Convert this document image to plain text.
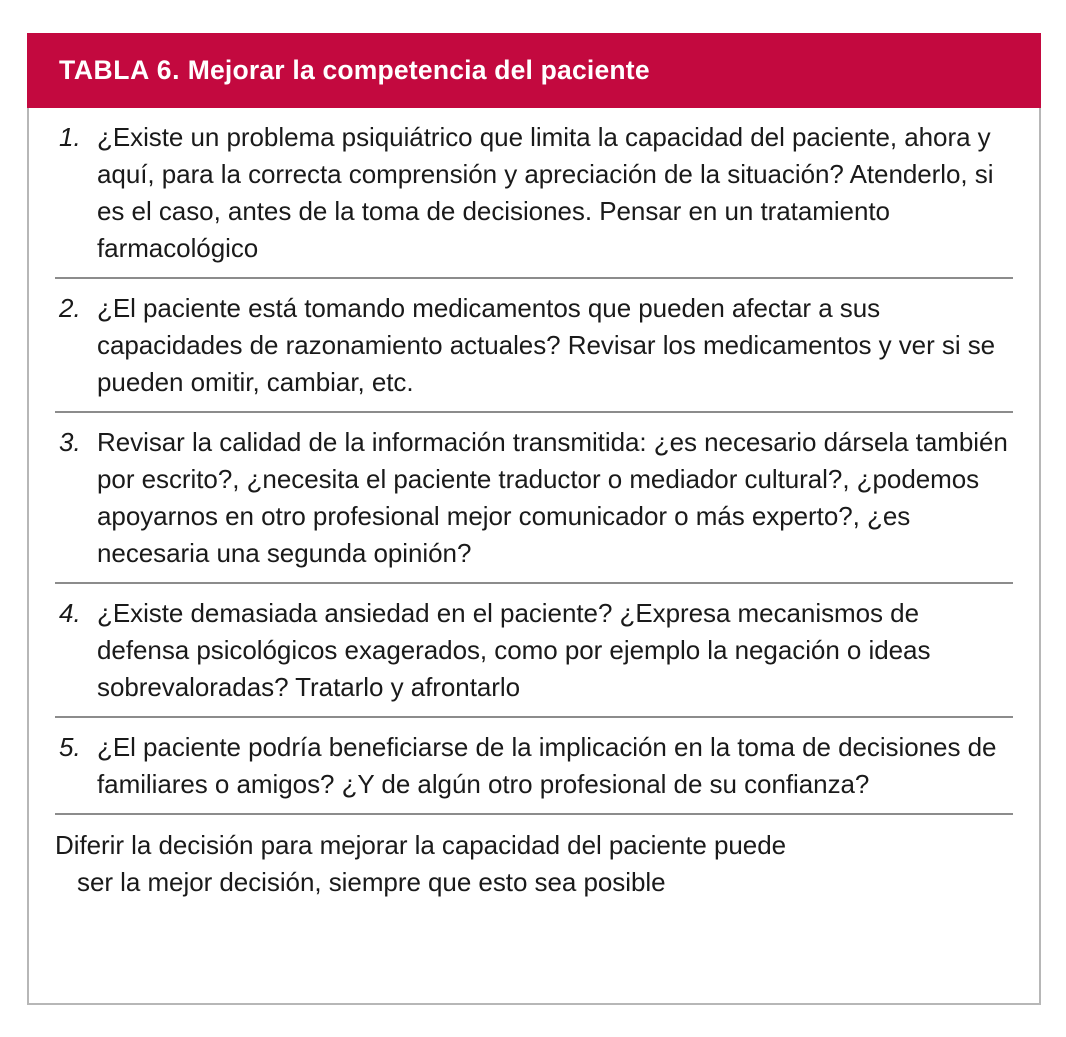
TABLA 6. Mejorar la competencia del paciente
1. ¿Existe un problema psiquiátrico que limita la capacidad del paciente, ahora y aquí, para la correcta comprensión y apreciación de la situación? Atenderlo, si es el caso, antes de la toma de decisiones. Pensar en un tratamiento farmacológico
2. ¿El paciente está tomando medicamentos que pueden afectar a sus capacidades de razonamiento actuales? Revisar los medicamentos y ver si se pueden omitir, cambiar, etc.
3. Revisar la calidad de la información transmitida: ¿es necesario dársela también por escrito?, ¿necesita el paciente traductor o mediador cultural?, ¿podemos apoyarnos en otro profesional mejor comunicador o más experto?, ¿es necesaria una segunda opinión?
4. ¿Existe demasiada ansiedad en el paciente? ¿Expresa mecanismos de defensa psicológicos exagerados, como por ejemplo la negación o ideas sobrevaloradas? Tratarlo y afrontarlo
5. ¿El paciente podría beneficiarse de la implicación en la toma de decisiones de familiares o amigos? ¿Y de algún otro profesional de su confianza?
Diferir la decisión para mejorar la capacidad del paciente puede
ser la mejor decisión, siempre que esto sea posible
